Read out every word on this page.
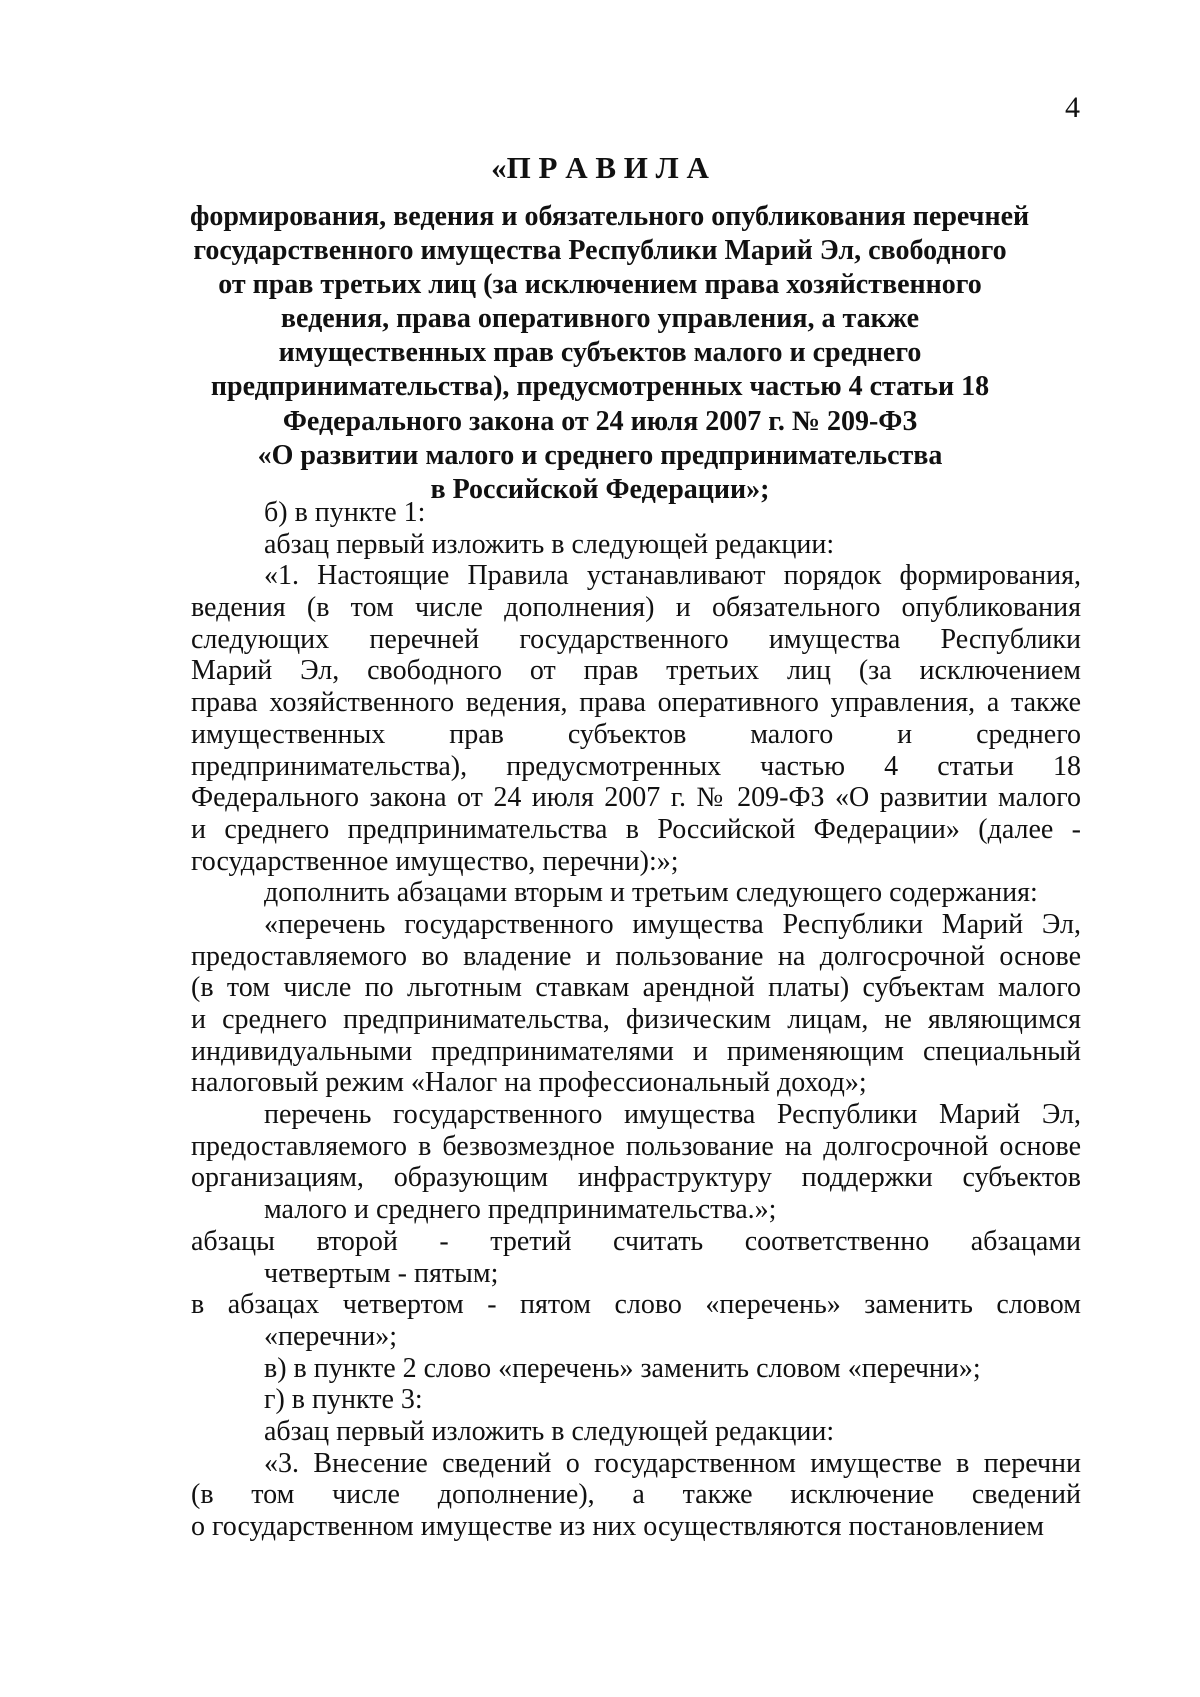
4
«П Р А В И Л А
формирования, ведения и обязательного опубликования перечней
государственного имущества Республики Марий Эл, свободного
от прав третьих лиц (за исключением права хозяйственного
ведения, права оперативного управления, а также
имущественных прав субъектов малого и среднего
предпринимательства), предусмотренных частью 4 статьи 18
Федерального закона от 24 июля 2007 г. № 209-ФЗ
«О развитии малого и среднего предпринимательства
в Российской Федерации»;
б) в пункте 1:
абзац первый изложить в следующей редакции:
«1. Настоящие Правила устанавливают порядок формирования,
ведения (в том числе дополнения) и обязательного опубликования
следующих перечней государственного имущества Республики
Марий Эл, свободного от прав третьих лиц (за исключением
права хозяйственного ведения, права оперативного управления, а также
имущественных прав субъектов малого и среднего
предпринимательства), предусмотренных частью 4 статьи 18
Федерального закона от 24 июля 2007 г. № 209-ФЗ «О развитии малого
и среднего предпринимательства в Российской Федерации» (далее -
государственное имущество, перечни):»;
дополнить абзацами вторым и третьим следующего содержания:
«перечень государственного имущества Республики Марий Эл,
предоставляемого во владение и пользование на долгосрочной основе
(в том числе по льготным ставкам арендной платы) субъектам малого
и среднего предпринимательства, физическим лицам, не являющимся
индивидуальными предпринимателями и применяющим специальный
налоговый режим «Налог на профессиональный доход»;
перечень государственного имущества Республики Марий Эл,
предоставляемого в безвозмездное пользование на долгосрочной основе
организациям, образующим инфраструктуру поддержки субъектов
малого и среднего предпринимательства.»;
абзацы второй - третий считать соответственно абзацами
четвертым - пятым;
в абзацах четвертом - пятом слово «перечень» заменить словом
«перечни»;
в) в пункте 2 слово «перечень» заменить словом «перечни»;
г) в пункте 3:
абзац первый изложить в следующей редакции:
«3. Внесение сведений о государственном имуществе в перечни
(в том числе дополнение), а также исключение сведений
о государственном имуществе из них осуществляются постановлением
